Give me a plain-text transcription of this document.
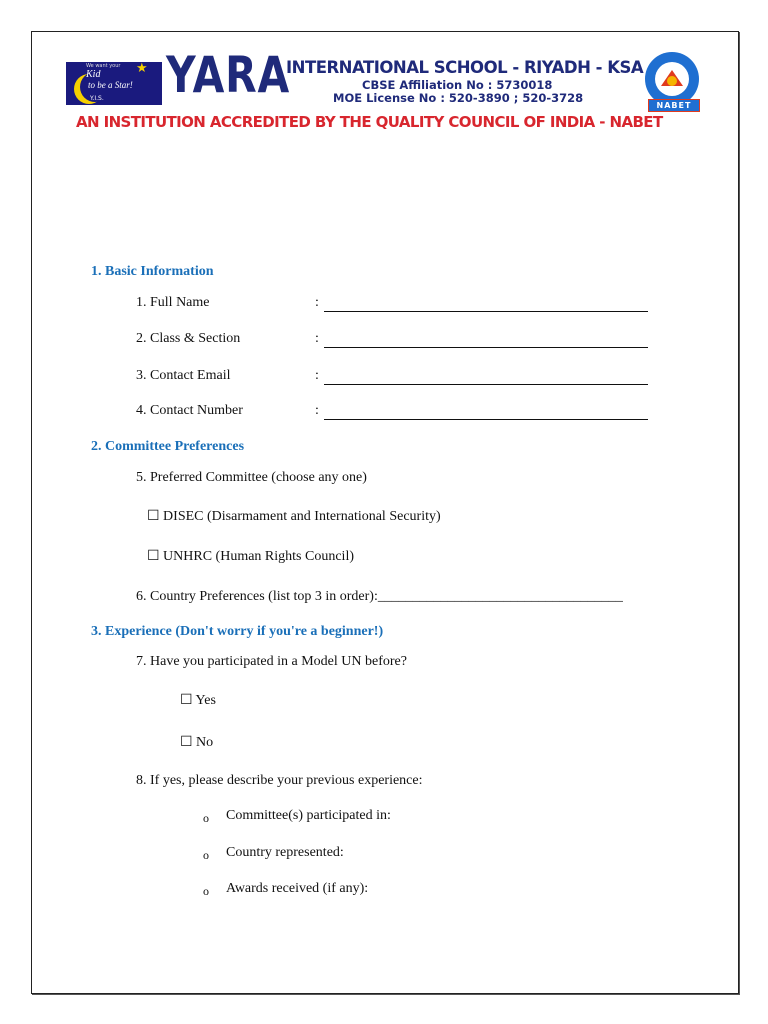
★
We want your
Kid
to be a Star!
Y.I.S. YARA
INTERNATIONAL SCHOOL - RIYADH - KSA
CBSE Affiliation No : 5730018
MOE License No : 520-3890 ; 520-3728
NABET
AN INSTITUTION ACCREDITED BY THE QUALITY COUNCIL OF INDIA - NABET
1. Basic Information
1. Full Name	:
2. Class & Section	:
3. Contact Email	:
4. Contact Number	:
2. Committee Preferences
5. Preferred Committee (choose any one)
☐ DISEC (Disarmament and International Security)
☐ UNHRC (Human Rights Council)
6. Country Preferences (list top 3 in order):___________________________________
3. Experience (Don't worry if you're a beginner!)
7. Have you participated in a Model UN before?
☐ Yes
☐ No
8. If yes, please describe your previous experience:
o Committee(s) participated in:
o Country represented:
o Awards received (if any):
